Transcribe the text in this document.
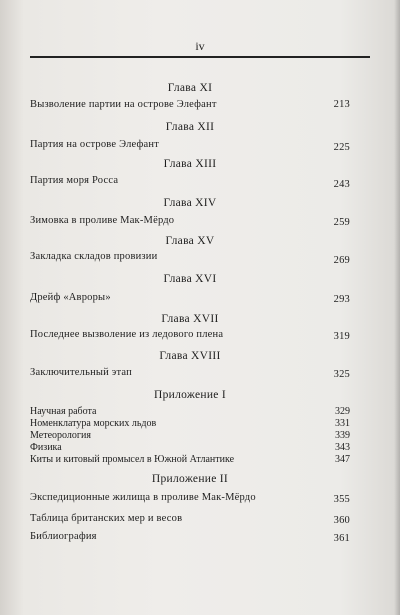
iv
Глава XI
Вызволение партии на острове Элефант	213
Глава XII
Партия на острове Элефант	225
Глава XIII
Партия моря Росса	243
Глава XIV
Зимовка в проливе Мак-Мёрдо	259
Глава XV
Закладка складов провизии	269
Глава XVI
Дрейф «Авроры»	293
Глава XVII
Последнее вызволение из ледового плена	319
Глава XVIII
Заключительный этап	325
Приложение I
Научная работа	329
Номенклатура морских льдов	331
Метеорология	339
Физика	343
Киты и китовый промысел в Южной Атлантике	347
Приложение II
Экспедиционные жилища в проливе Мак-Мёрдо	355
Таблица британских мер и весов	360
Библиография	361
